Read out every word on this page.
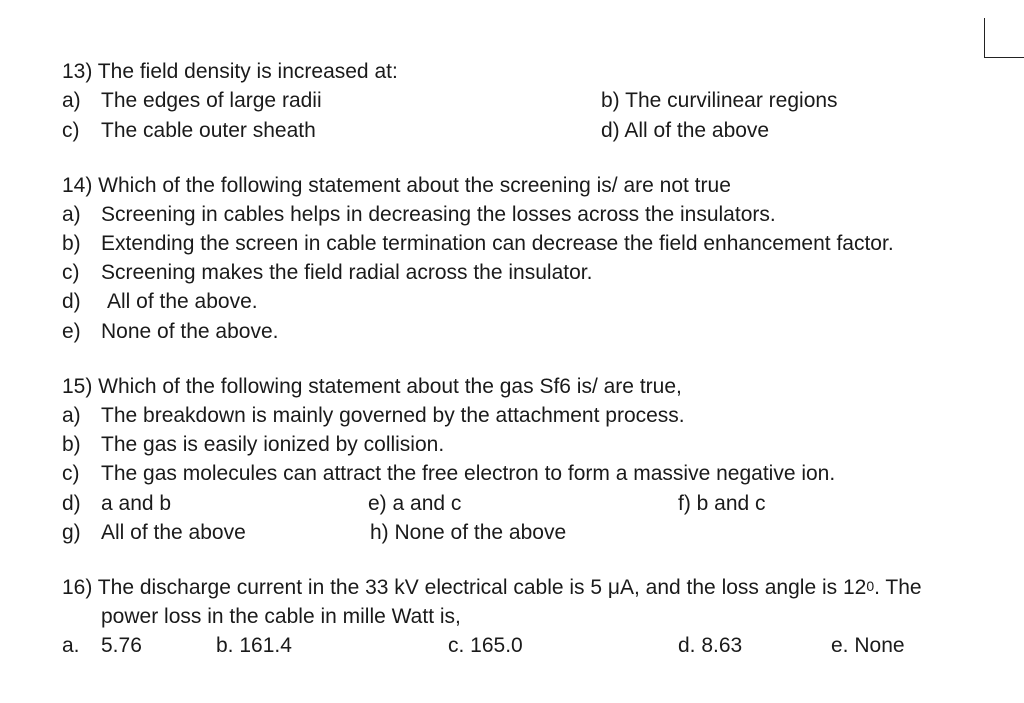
13) The field density is increased at:
a) The edges of large radii	b) The curvilinear regions
c) The cable outer sheath	d) All of the above
14) Which of the following statement about the screening is/ are not true
a) Screening in cables helps in decreasing the losses across the insulators.
b) Extending the screen in cable termination can decrease the field enhancement factor.
c) Screening makes the field radial across the insulator.
d) All of the above.
e) None of the above.
15) Which of the following statement about the gas Sf6 is/ are true,
a) The breakdown is mainly governed by the attachment process.
b) The gas is easily ionized by collision.
c) The gas molecules can attract the free electron to form a massive negative ion.
d) a and b	e) a and c	f) b and c
g) All of the above	h) None of the above
16) The discharge current in the 33 kV electrical cable is 5 μA, and the loss angle is $12^0$. The
power loss in the cable in mille Watt is,
a. 5.76	b. 161.4	c. 165.0	d. 8.63	e. None
